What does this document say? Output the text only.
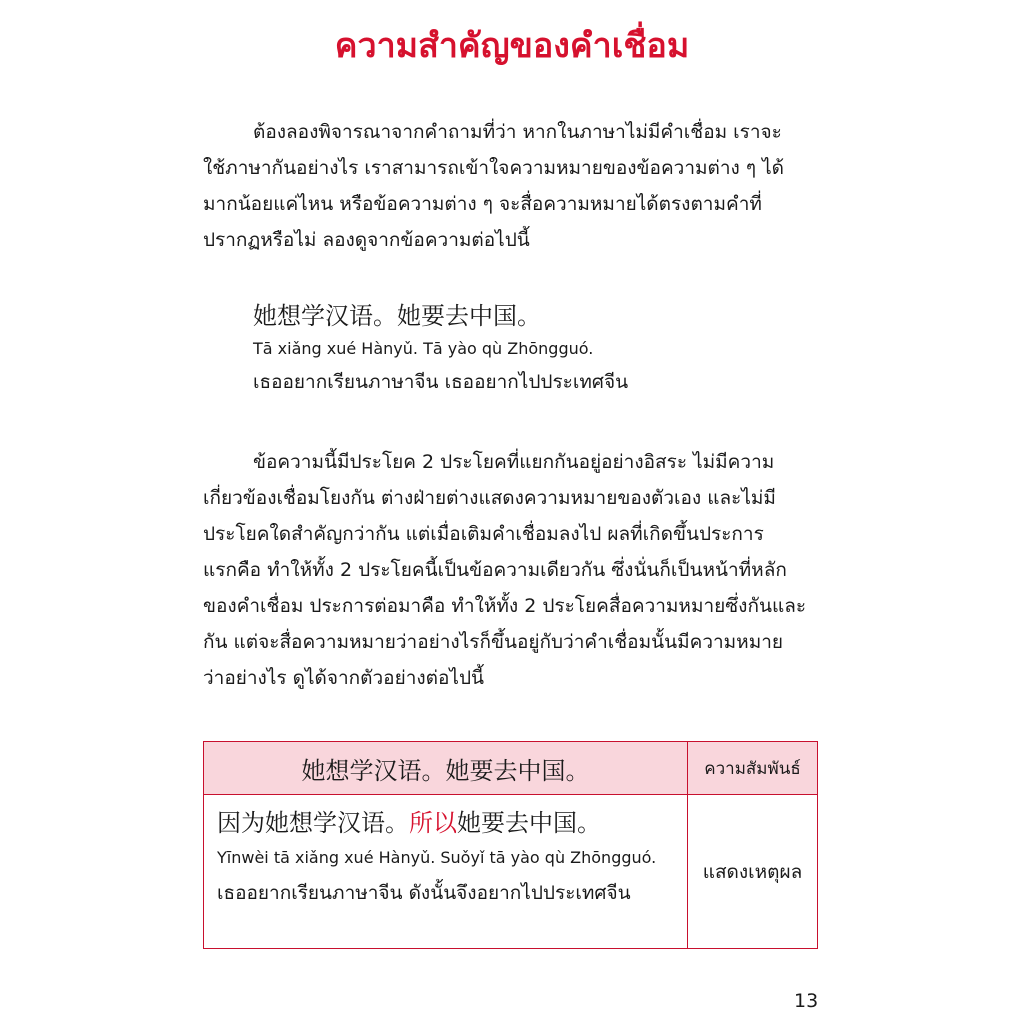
ความสำคัญของคำเชื่อม
ต้องลองพิจารณาจากคำถามที่ว่า หากในภาษาไม่มีคำเชื่อม เราจะ
ใช้ภาษากันอย่างไร เราสามารถเข้าใจความหมายของข้อความต่าง ๆ ได้
มากน้อยแค่ไหน หรือข้อความต่าง ๆ จะสื่อความหมายได้ตรงตามคำที่
ปรากฏหรือไม่ ลองดูจากข้อความต่อไปนี้
她想学汉语。她要去中国。
Tā xiǎng xué Hànyǔ. Tā yào qù Zhōngguó.
เธออยากเรียนภาษาจีน เธออยากไปประเทศจีน
ข้อความนี้มีประโยค 2 ประโยคที่แยกกันอยู่อย่างอิสระ ไม่มีความ
เกี่ยวข้องเชื่อมโยงกัน ต่างฝ่ายต่างแสดงความหมายของตัวเอง และไม่มี
ประโยคใดสำคัญกว่ากัน แต่เมื่อเติมคำเชื่อมลงไป ผลที่เกิดขึ้นประการ
แรกคือ ทำให้ทั้ง 2 ประโยคนี้เป็นข้อความเดียวกัน ซึ่งนั่นก็เป็นหน้าที่หลัก
ของคำเชื่อม ประการต่อมาคือ ทำให้ทั้ง 2 ประโยคสื่อความหมายซึ่งกันและ
กัน แต่จะสื่อความหมายว่าอย่างไรก็ขึ้นอยู่กับว่าคำเชื่อมนั้นมีความหมาย
ว่าอย่างไร ดูได้จากตัวอย่างต่อไปนี้
她想学汉语。她要去中国。	ความสัมพันธ์

因为她想学汉语。所以她要去中国。
Yīnwèi tā xiǎng xué Hànyǔ. Suǒyǐ tā yào qù Zhōngguó.
เธออยากเรียนภาษาจีน ดังนั้นจึงอยากไปประเทศจีน	แสดงเหตุผล
13
